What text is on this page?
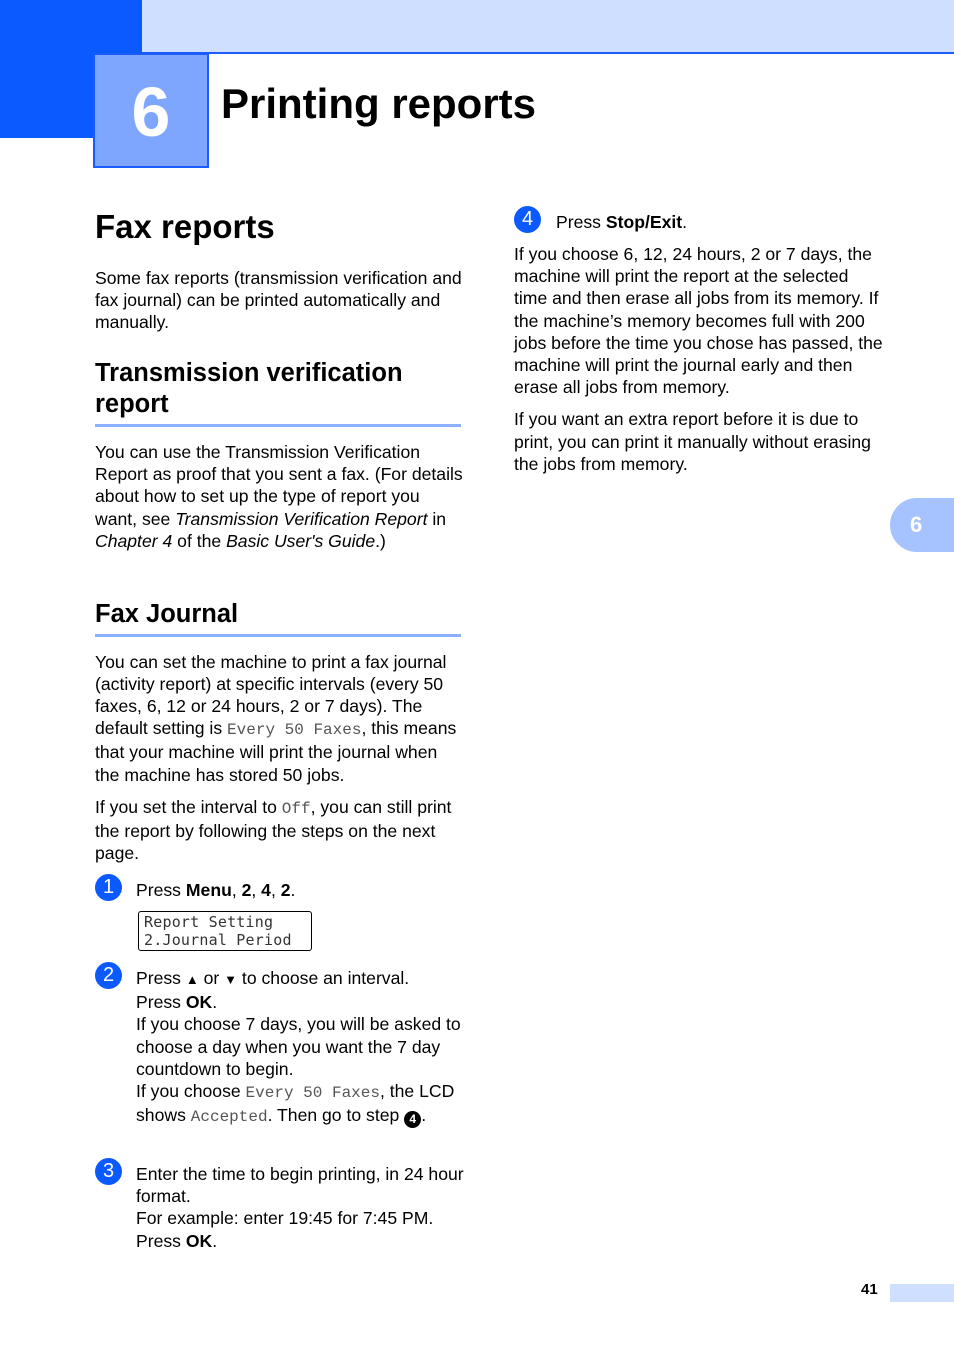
6	Printing reports
Fax reports

Some fax reports (transmission verification and fax journal) can be printed automatically and manually.

Transmission verification report

You can use the Transmission Verification Report as proof that you sent a fax. (For details about how to set up the type of report you want, see Transmission Verification Report in Chapter 4 of the Basic User's Guide.)

Fax Journal

You can set the machine to print a fax journal (activity report) at specific intervals (every 50 faxes, 6, 12 or 24 hours, 2 or 7 days). The default setting is Every 50 Faxes, this means that your machine will print the journal when the machine has stored 50 jobs.

If you set the interval to Off, you can still print the report by following the steps on the next page.

1	Press Menu, 2, 4, 2.
Report Setting
2.Journal Period
2	Press ▲ or ▼ to choose an interval.

Press OK.

If you choose 7 days, you will be asked to choose a day when you want the 7 day countdown to begin.

If you choose Every 50 Faxes, the LCD shows Accepted. Then go to step 4 .

3	Enter the time to begin printing, in 24 hour format.

For example: enter 19:45 for 7:45 PM.

Press OK.

4	Press Stop/Exit.

If you choose 6, 12, 24 hours, 2 or 7 days, the machine will print the report at the selected time and then erase all jobs from its memory. If the machine’s memory becomes full with 200 jobs before the time you chose has passed, the machine will print the journal early and then erase all jobs from memory.

If you want an extra report before it is due to print, you can print it manually without erasing the jobs from memory.

6
41
